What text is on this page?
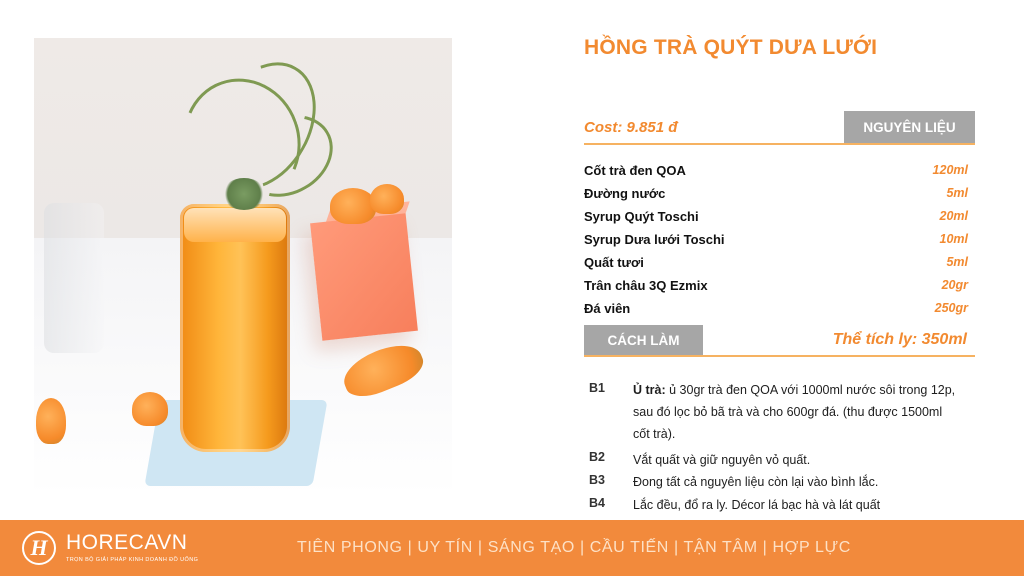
HỒNG TRÀ QUÝT DƯA LƯỚI
Cost: 9.851 đ	NGUYÊN LIỆU
Cốt trà đen QOA	120ml
Đường nước	5ml
Syrup Quýt Toschi	20ml
Syrup Dưa lưới Toschi	10ml
Quất tươi	5ml
Trân châu 3Q Ezmix	20gr
Đá viên	250gr
CÁCH LÀM	Thể tích ly: 350ml
B1 Ủ trà: ủ 30gr trà đen QOA với 1000ml nước sôi trong 12p,
sau đó lọc bỏ bã trà và cho 600gr đá. (thu được 1500ml
cốt trà).
B2 Vắt quất và giữ nguyên vỏ quất.
B3 Đong tất cả nguyên liệu còn lại vào bình lắc.
B4 Lắc đều, đổ ra ly. Décor lá bạc hà và lát quất
H HORECAVN
TRỌN BỘ GIẢI PHÁP KINH DOANH ĐỒ UỐNG
TIÊN PHONG | UY TÍN | SÁNG TẠO | CẦU TIẾN | TẬN TÂM | HỢP LỰC
